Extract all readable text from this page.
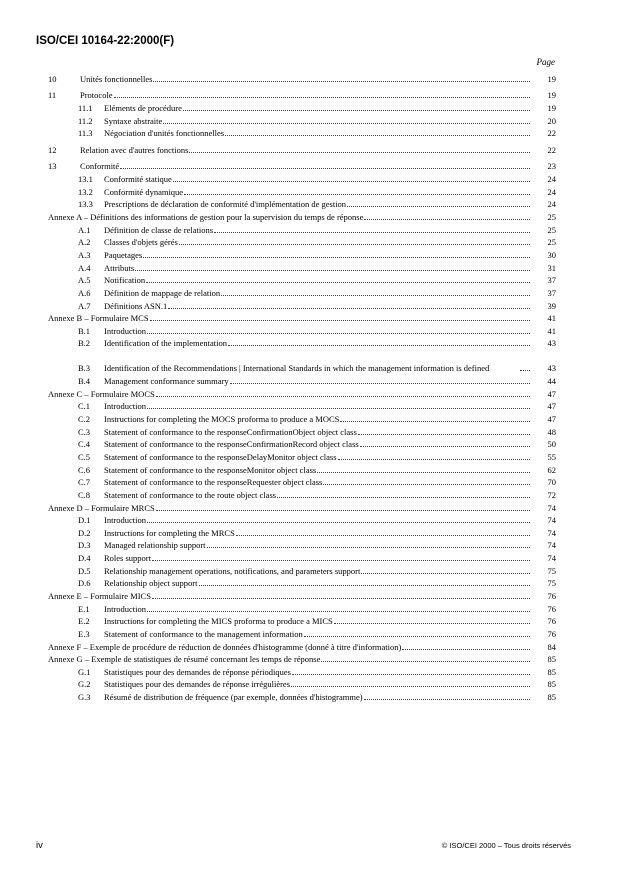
ISO/CEI 10164-22:2000(F)
Page
10	Unités fonctionnelles	19
11	Protocole	19
11.1	Eléments de procédure	19
11.2	Syntaxe abstraite	20
11.3	Négociation d'unités fonctionnelles	22
12	Relation avec d'autres fonctions	22
13	Conformité	23
13.1	Conformité statique	24
13.2	Conformité dynamique	24
13.3	Prescriptions de déclaration de conformité d'implémentation de gestion	24
Annexe A – Définitions des informations de gestion pour la supervision du temps de réponse	25
A.1	Définition de classe de relations	25
A.2	Classes d'objets gérés	25
A.3	Paquetages	30
A.4	Attributs	31
A.5	Notification	37
A.6	Définition de mappage de relation	37
A.7	Définitions ASN.1	39
Annexe B – Formulaire MCS	41
B.1	Introduction	41
B.2	Identification of the implementation	43
B.3	Identification of the Recommendations | International Standards in which the management information is defined	43
B.4	Management conformance summary	44
Annexe C – Formulaire MOCS	47
C.1	Introduction	47
C.2	Instructions for completing the MOCS proforma to produce a MOCS	47
C.3	Statement of conformance to the responseConfirmationObject object class	48
C.4	Statement of conformance to the responseConfirmationRecord object class	50
C.5	Statement of conformance to the responseDelayMonitor object class	55
C.6	Statement of conformance to the responseMonitor object class	62
C.7	Statement of conformance to the responseRequester object class	70
C.8	Statement of conformance to the route object class	72
Annexe D – Formulaire MRCS	74
D.1	Introduction	74
D.2	Instructions for completing the MRCS	74
D.3	Managed relationship support	74
D.4	Roles support	74
D.5	Relationship management operations, notifications, and parameters support	75
D.6	Relationship object support	75
Annexe E – Formulaire MICS	76
E.1	Introduction	76
E.2	Instructions for completing the MICS proforma to produce a MICS	76
E.3	Statement of conformance to the management information	76
Annexe F – Exemple de procédure de réduction de données d'histogramme (donné à titre d'information)	84
Annexe G – Exemple de statistiques de résumé concernant les temps de réponse	85
G.1	Statistiques pour des demandes de réponse périodiques	85
G.2	Statistiques pour des demandes de réponse irrégulières	85
G.3	Résumé de distribution de fréquence (par exemple, données d'histogramme)	85
iv	© ISO/CEI 2000 – Tous droits réservés
